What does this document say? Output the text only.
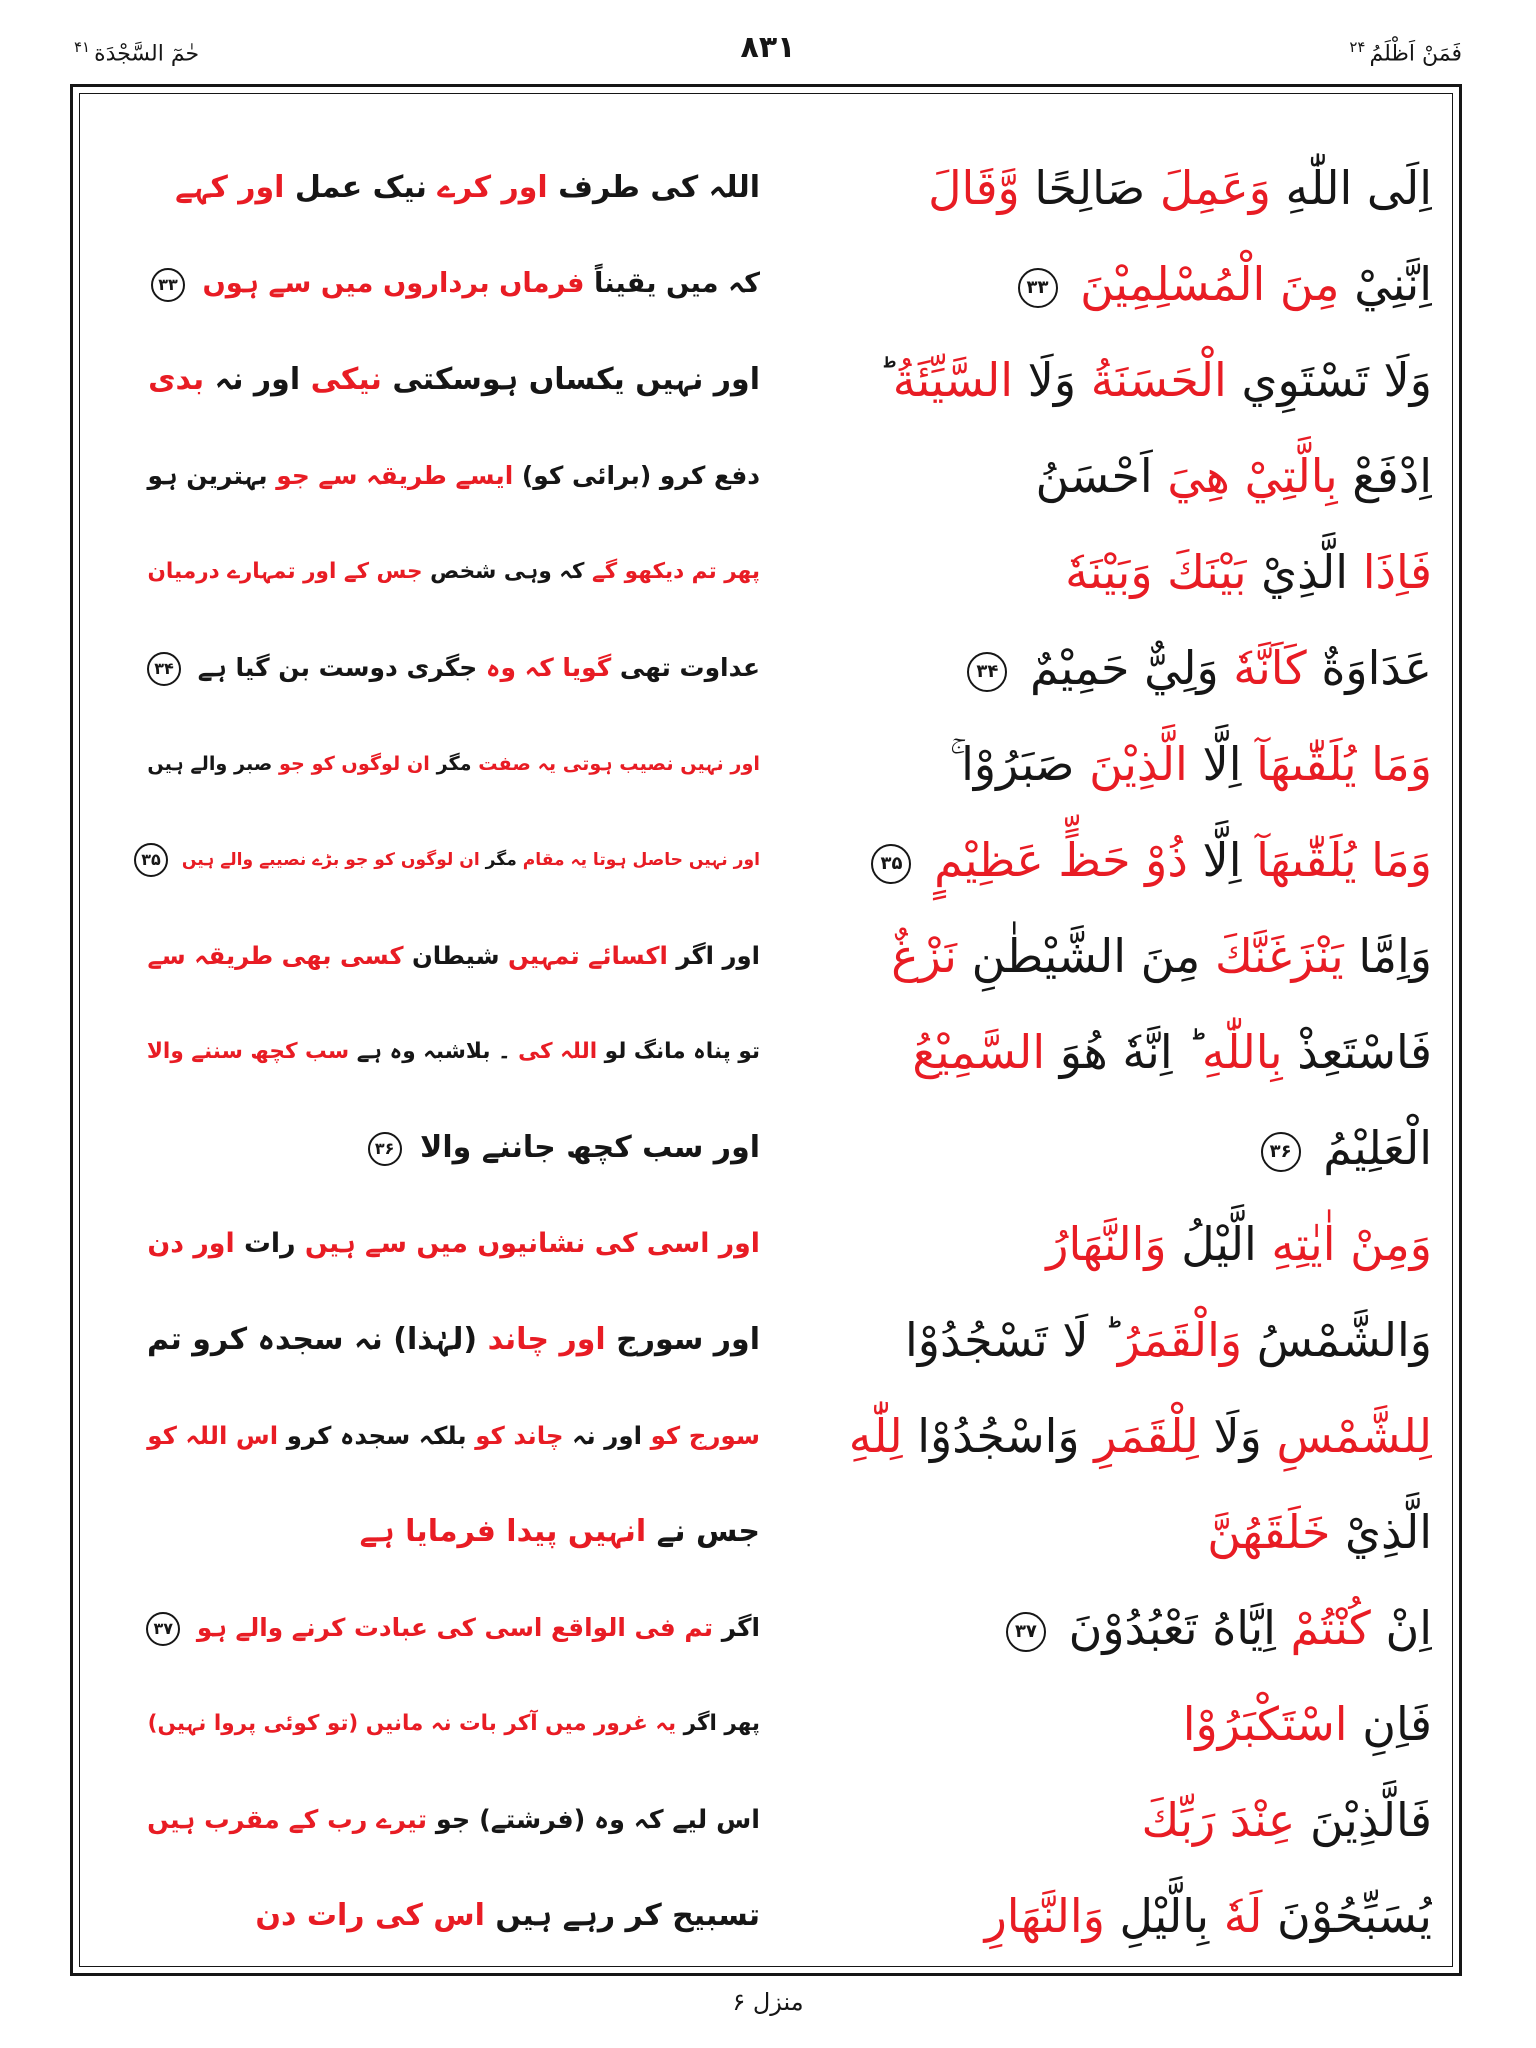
حٰمٓ السَّجْدَة$^{۴۱}$	۸۳۱	فَمَنْ اَظْلَمُ$^{۲۴}$
اللہ کی طرف اور کرے نیک عمل اور کہے	اِلَى اللّٰهِ وَعَمِلَ صَالِحًا وَّقَالَ
کہ میں یقیناً فرماں برداروں میں سے ہوں ۳۳	اِنَّنِيْ مِنَ الْمُسْلِمِيْنَ ۳۳
اور نہیں یکساں ہوسکتی نیکی اور نہ بدی	وَلَا تَسْتَوِي الْحَسَنَةُ وَلَا السَّيِّئَةُ
دفع کرو (برائی کو) ایسے طریقہ سے جو بہترین ہو	اِدْفَعْ بِالَّتِيْ هِيَ اَحْسَنُ
پھر تم دیکھو گے کہ وہی شخص جس کے اور تمہارے درمیان	فَاِذَا الَّذِيْ بَيْنَكَ وَبَيْنَهٗ
عداوت تھی گویا کہ وہ جگری دوست بن گیا ہے ۳۴	عَدَاوَةٌ كَاَنَّهٗ وَلِيٌّ حَمِيْمٌ ۳۴
اور نہیں نصیب ہوتی یہ صفت مگر ان لوگوں کو جو صبر والے ہیں	وَمَا يُلَقّٰىهَآ اِلَّا الَّذِيْنَ صَبَرُوْا
اور نہیں حاصل ہوتا یہ مقام مگر ان لوگوں کو جو بڑے نصیبے والے ہیں ۳۵	وَمَا يُلَقّٰىهَآ اِلَّا ذُوْ حَظٍّ عَظِيْمٍ ۳۵
اور اگر اکسائے تمہیں شیطان کسی بھی طریقہ سے	وَاِمَّا يَنْزَغَنَّكَ مِنَ الشَّيْطٰنِ نَزْغٌ
تو پناہ مانگ لو اللہ کی ۔ بلاشبہ وہ ہے سب کچھ سننے والا	فَاسْتَعِذْ بِاللّٰهِ ؕ اِنَّهٗ هُوَ السَّمِيْعُ
اور سب کچھ جاننے والا ۳۶	الْعَلِيْمُ ۳۶
اور اسی کی نشانیوں میں سے ہیں رات اور دن	وَمِنْ اٰيٰتِهِ الَّيْلُ وَالنَّهَارُ
اور سورج اور چاند (لہٰذا) نہ سجدہ کرو تم	وَالشَّمْسُ وَالْقَمَرُ ؕ لَا تَسْجُدُوْا
سورج کو اور نہ چاند کو بلکہ سجدہ کرو اس اللہ کو	لِلشَّمْسِ وَلَا لِلْقَمَرِ وَاسْجُدُوْا لِلّٰهِ
جس نے انہیں پیدا فرمایا ہے	الَّذِيْ خَلَقَهُنَّ
اگر تم فی الواقع اسی کی عبادت کرنے والے ہو ۳۷	اِنْ كُنْتُمْ اِيَّاهُ تَعْبُدُوْنَ ۳۷
پھر اگر یہ غرور میں آکر بات نہ مانیں (تو کوئی پروا نہیں)	فَاِنِ اسْتَكْبَرُوْا
اس لیے کہ وہ (فرشتے) جو تیرے رب کے مقرب ہیں	فَالَّذِيْنَ عِنْدَ رَبِّكَ
تسبیح کر رہے ہیں اس کی رات دن	يُسَبِّحُوْنَ لَهٗ بِالَّيْلِ وَالنَّهَارِ
منزل ۶
